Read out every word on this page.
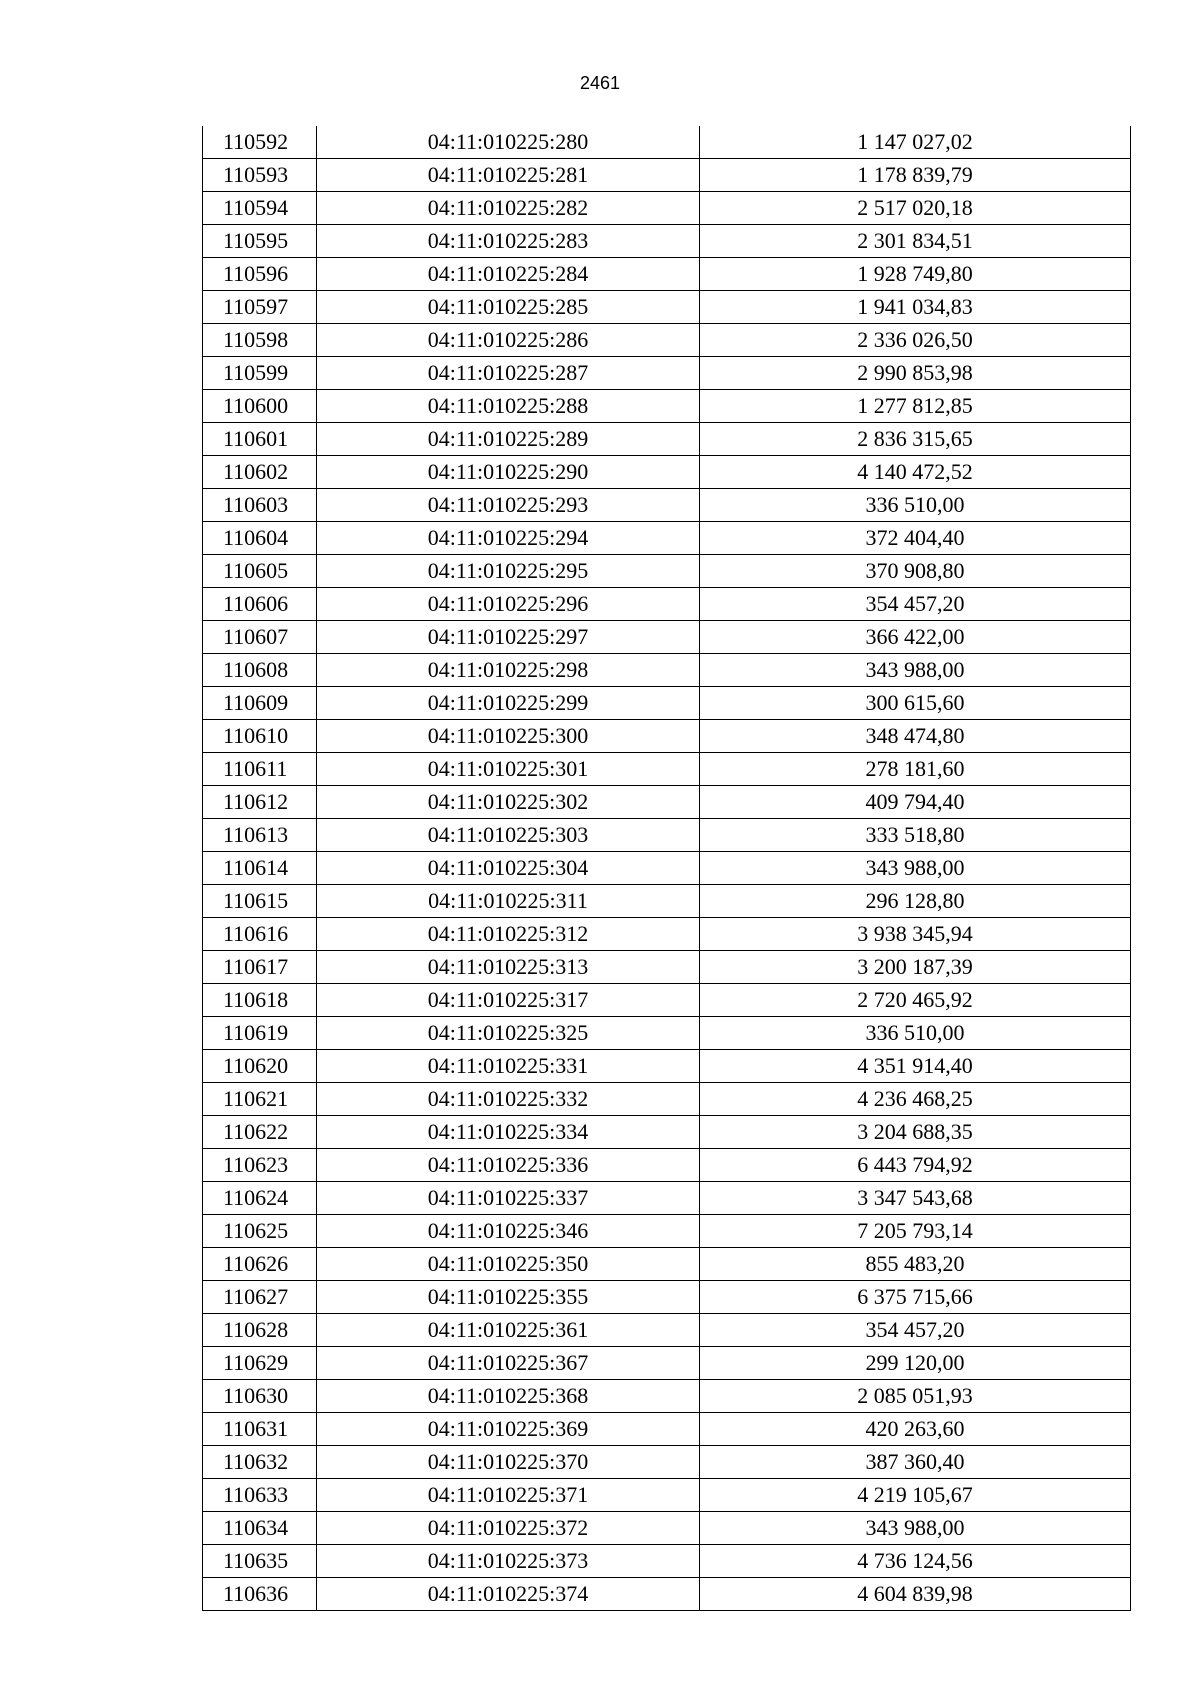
2461
110592	04:11:010225:280	1 147 027,02
110593	04:11:010225:281	1 178 839,79
110594	04:11:010225:282	2 517 020,18
110595	04:11:010225:283	2 301 834,51
110596	04:11:010225:284	1 928 749,80
110597	04:11:010225:285	1 941 034,83
110598	04:11:010225:286	2 336 026,50
110599	04:11:010225:287	2 990 853,98
110600	04:11:010225:288	1 277 812,85
110601	04:11:010225:289	2 836 315,65
110602	04:11:010225:290	4 140 472,52
110603	04:11:010225:293	336 510,00
110604	04:11:010225:294	372 404,40
110605	04:11:010225:295	370 908,80
110606	04:11:010225:296	354 457,20
110607	04:11:010225:297	366 422,00
110608	04:11:010225:298	343 988,00
110609	04:11:010225:299	300 615,60
110610	04:11:010225:300	348 474,80
110611	04:11:010225:301	278 181,60
110612	04:11:010225:302	409 794,40
110613	04:11:010225:303	333 518,80
110614	04:11:010225:304	343 988,00
110615	04:11:010225:311	296 128,80
110616	04:11:010225:312	3 938 345,94
110617	04:11:010225:313	3 200 187,39
110618	04:11:010225:317	2 720 465,92
110619	04:11:010225:325	336 510,00
110620	04:11:010225:331	4 351 914,40
110621	04:11:010225:332	4 236 468,25
110622	04:11:010225:334	3 204 688,35
110623	04:11:010225:336	6 443 794,92
110624	04:11:010225:337	3 347 543,68
110625	04:11:010225:346	7 205 793,14
110626	04:11:010225:350	855 483,20
110627	04:11:010225:355	6 375 715,66
110628	04:11:010225:361	354 457,20
110629	04:11:010225:367	299 120,00
110630	04:11:010225:368	2 085 051,93
110631	04:11:010225:369	420 263,60
110632	04:11:010225:370	387 360,40
110633	04:11:010225:371	4 219 105,67
110634	04:11:010225:372	343 988,00
110635	04:11:010225:373	4 736 124,56
110636	04:11:010225:374	4 604 839,98
